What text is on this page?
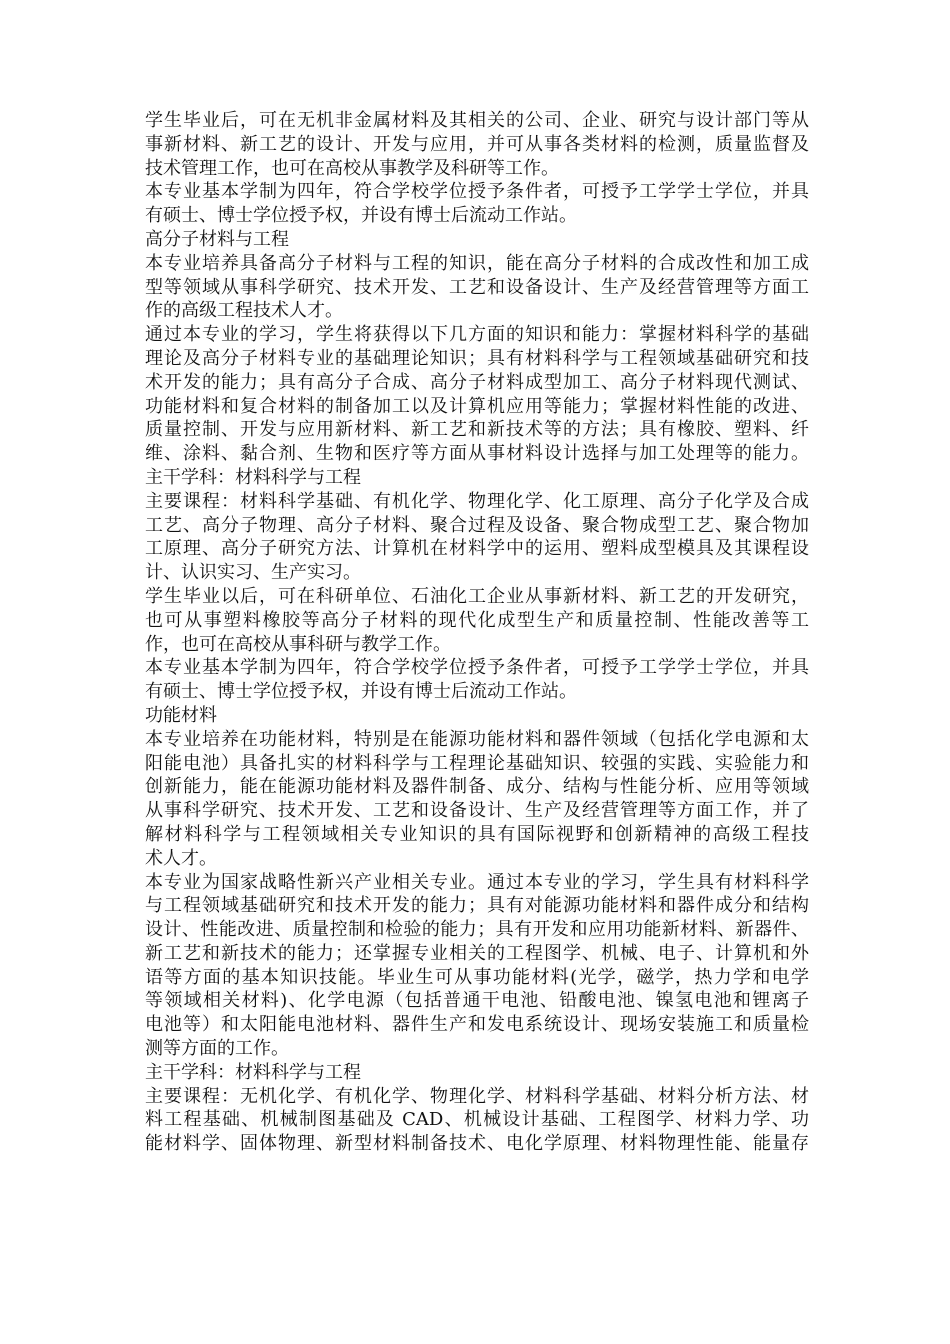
学生毕业后，可在无机非金属材料及其相关的公司、企业、研究与设计部门等从
事新材料、新工艺的设计、开发与应用，并可从事各类材料的检测，质量监督及
技术管理工作，也可在高校从事教学及科研等工作。
本专业基本学制为四年，符合学校学位授予条件者，可授予工学学士学位，并具
有硕士、博士学位授予权，并设有博士后流动工作站。
高分子材料与工程
本专业培养具备高分子材料与工程的知识，能在高分子材料的合成改性和加工成
型等领域从事科学研究、技术开发、工艺和设备设计、生产及经营管理等方面工
作的高级工程技术人才。
通过本专业的学习，学生将获得以下几方面的知识和能力：掌握材料科学的基础
理论及高分子材料专业的基础理论知识；具有材料科学与工程领域基础研究和技
术开发的能力；具有高分子合成、高分子材料成型加工、高分子材料现代测试、
功能材料和复合材料的制备加工以及计算机应用等能力；掌握材料性能的改进、
质量控制、开发与应用新材料、新工艺和新技术等的方法；具有橡胶、塑料、纤
维、涂料、黏合剂、生物和医疗等方面从事材料设计选择与加工处理等的能力。
主干学科：材料科学与工程
主要课程：材料科学基础、有机化学、物理化学、化工原理、高分子化学及合成
工艺、高分子物理、高分子材料、聚合过程及设备、聚合物成型工艺、聚合物加
工原理、高分子研究方法、计算机在材料学中的运用、塑料成型模具及其课程设
计、认识实习、生产实习。
学生毕业以后，可在科研单位、石油化工企业从事新材料、新工艺的开发研究，
也可从事塑料橡胶等高分子材料的现代化成型生产和质量控制、性能改善等工
作，也可在高校从事科研与教学工作。
本专业基本学制为四年，符合学校学位授予条件者，可授予工学学士学位，并具
有硕士、博士学位授予权，并设有博士后流动工作站。
功能材料
本专业培养在功能材料，特别是在能源功能材料和器件领域（包括化学电源和太
阳能电池）具备扎实的材料科学与工程理论基础知识、较强的实践、实验能力和
创新能力，能在能源功能材料及器件制备、成分、结构与性能分析、应用等领域
从事科学研究、技术开发、工艺和设备设计、生产及经营管理等方面工作，并了
解材料科学与工程领域相关专业知识的具有国际视野和创新精神的高级工程技
术人才。
本专业为国家战略性新兴产业相关专业。通过本专业的学习，学生具有材料科学
与工程领域基础研究和技术开发的能力；具有对能源功能材料和器件成分和结构
设计、性能改进、质量控制和检验的能力；具有开发和应用功能新材料、新器件、
新工艺和新技术的能力；还掌握专业相关的工程图学、机械、电子、计算机和外
语等方面的基本知识技能。毕业生可从事功能材料(光学，磁学，热力学和电学
等领域相关材料)、化学电源（包括普通干电池、铅酸电池、镍氢电池和锂离子
电池等）和太阳能电池材料、器件生产和发电系统设计、现场安装施工和质量检
测等方面的工作。
主干学科：材料科学与工程
主要课程：无机化学、有机化学、物理化学、材料科学基础、材料分析方法、材
料工程基础、机械制图基础及 CAD、机械设计基础、工程图学、材料力学、功
能材料学、固体物理、新型材料制备技术、电化学原理、材料物理性能、能量存
